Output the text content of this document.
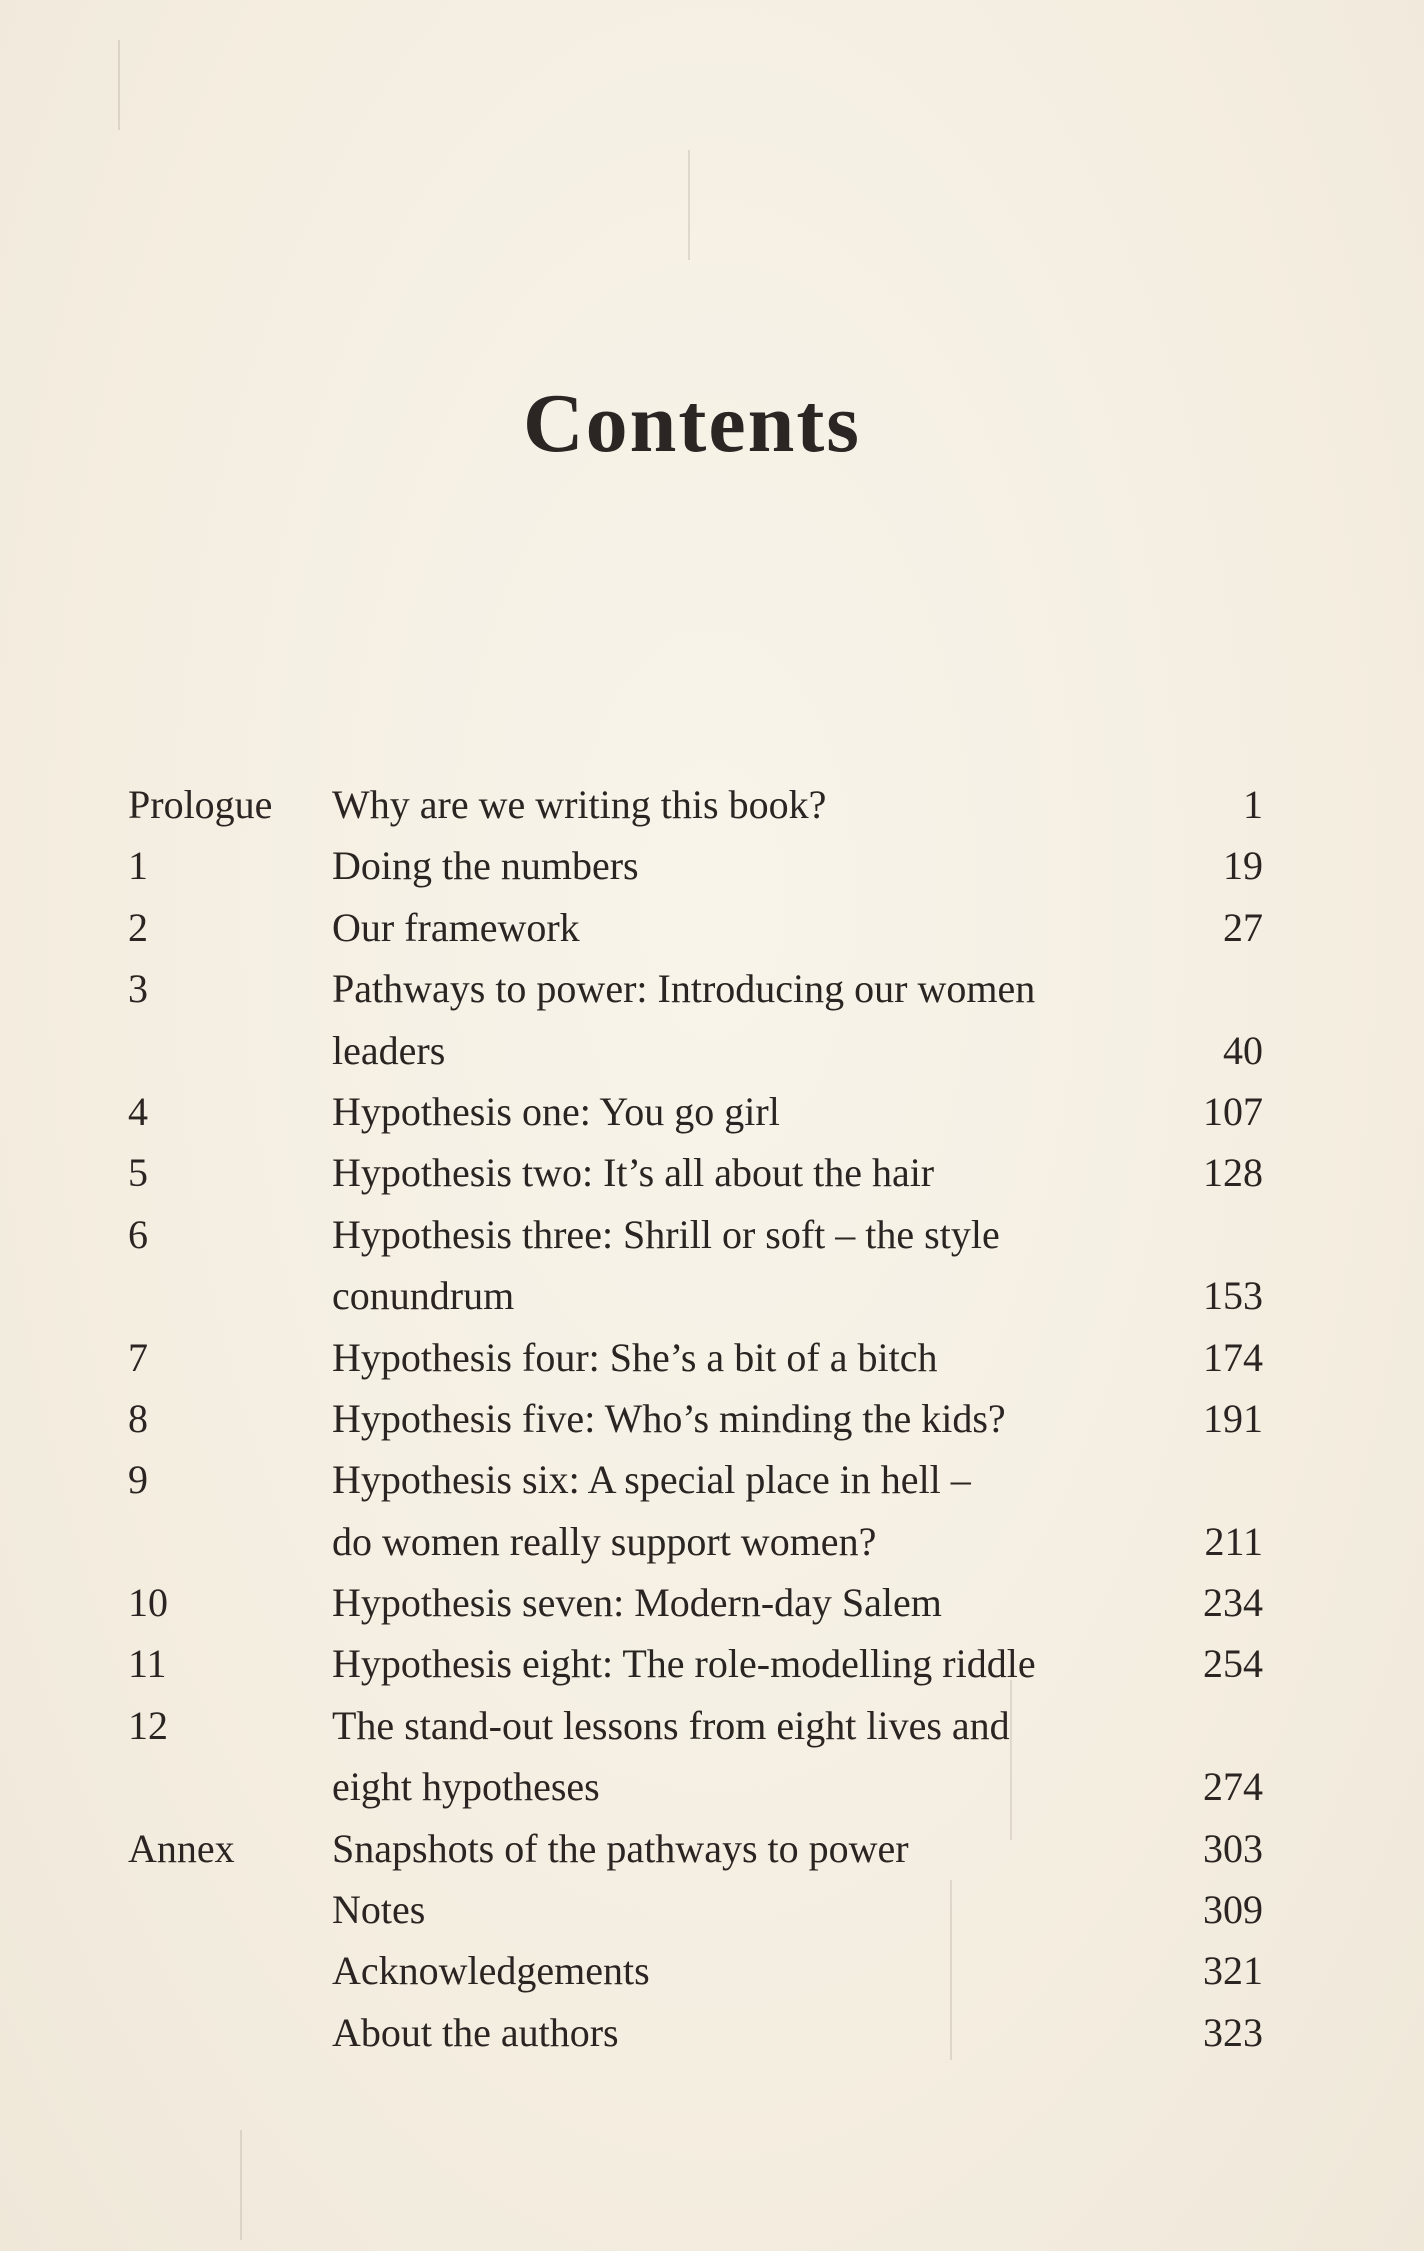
Contents
Prologue Why are we writing this book?	1
1	Doing the numbers	19
2	Our framework	27
3	Pathways to power: Introducing our women
leaders	40
4	Hypothesis one: You go girl	107
5	Hypothesis two: It’s all about the hair	128
6	Hypothesis three: Shrill or soft – the style
conundrum	153
7	Hypothesis four: She’s a bit of a bitch	174
8	Hypothesis five: Who’s minding the kids?	191
9	Hypothesis six: A special place in hell –
do women really support women?	211
10	Hypothesis seven: Modern-day Salem	234
11	Hypothesis eight: The role-modelling riddle	254
12	The stand-out lessons from eight lives and
eight hypotheses	274
Annex Snapshots of the pathways to power	303
Notes	309
Acknowledgements	321
About the authors	323
